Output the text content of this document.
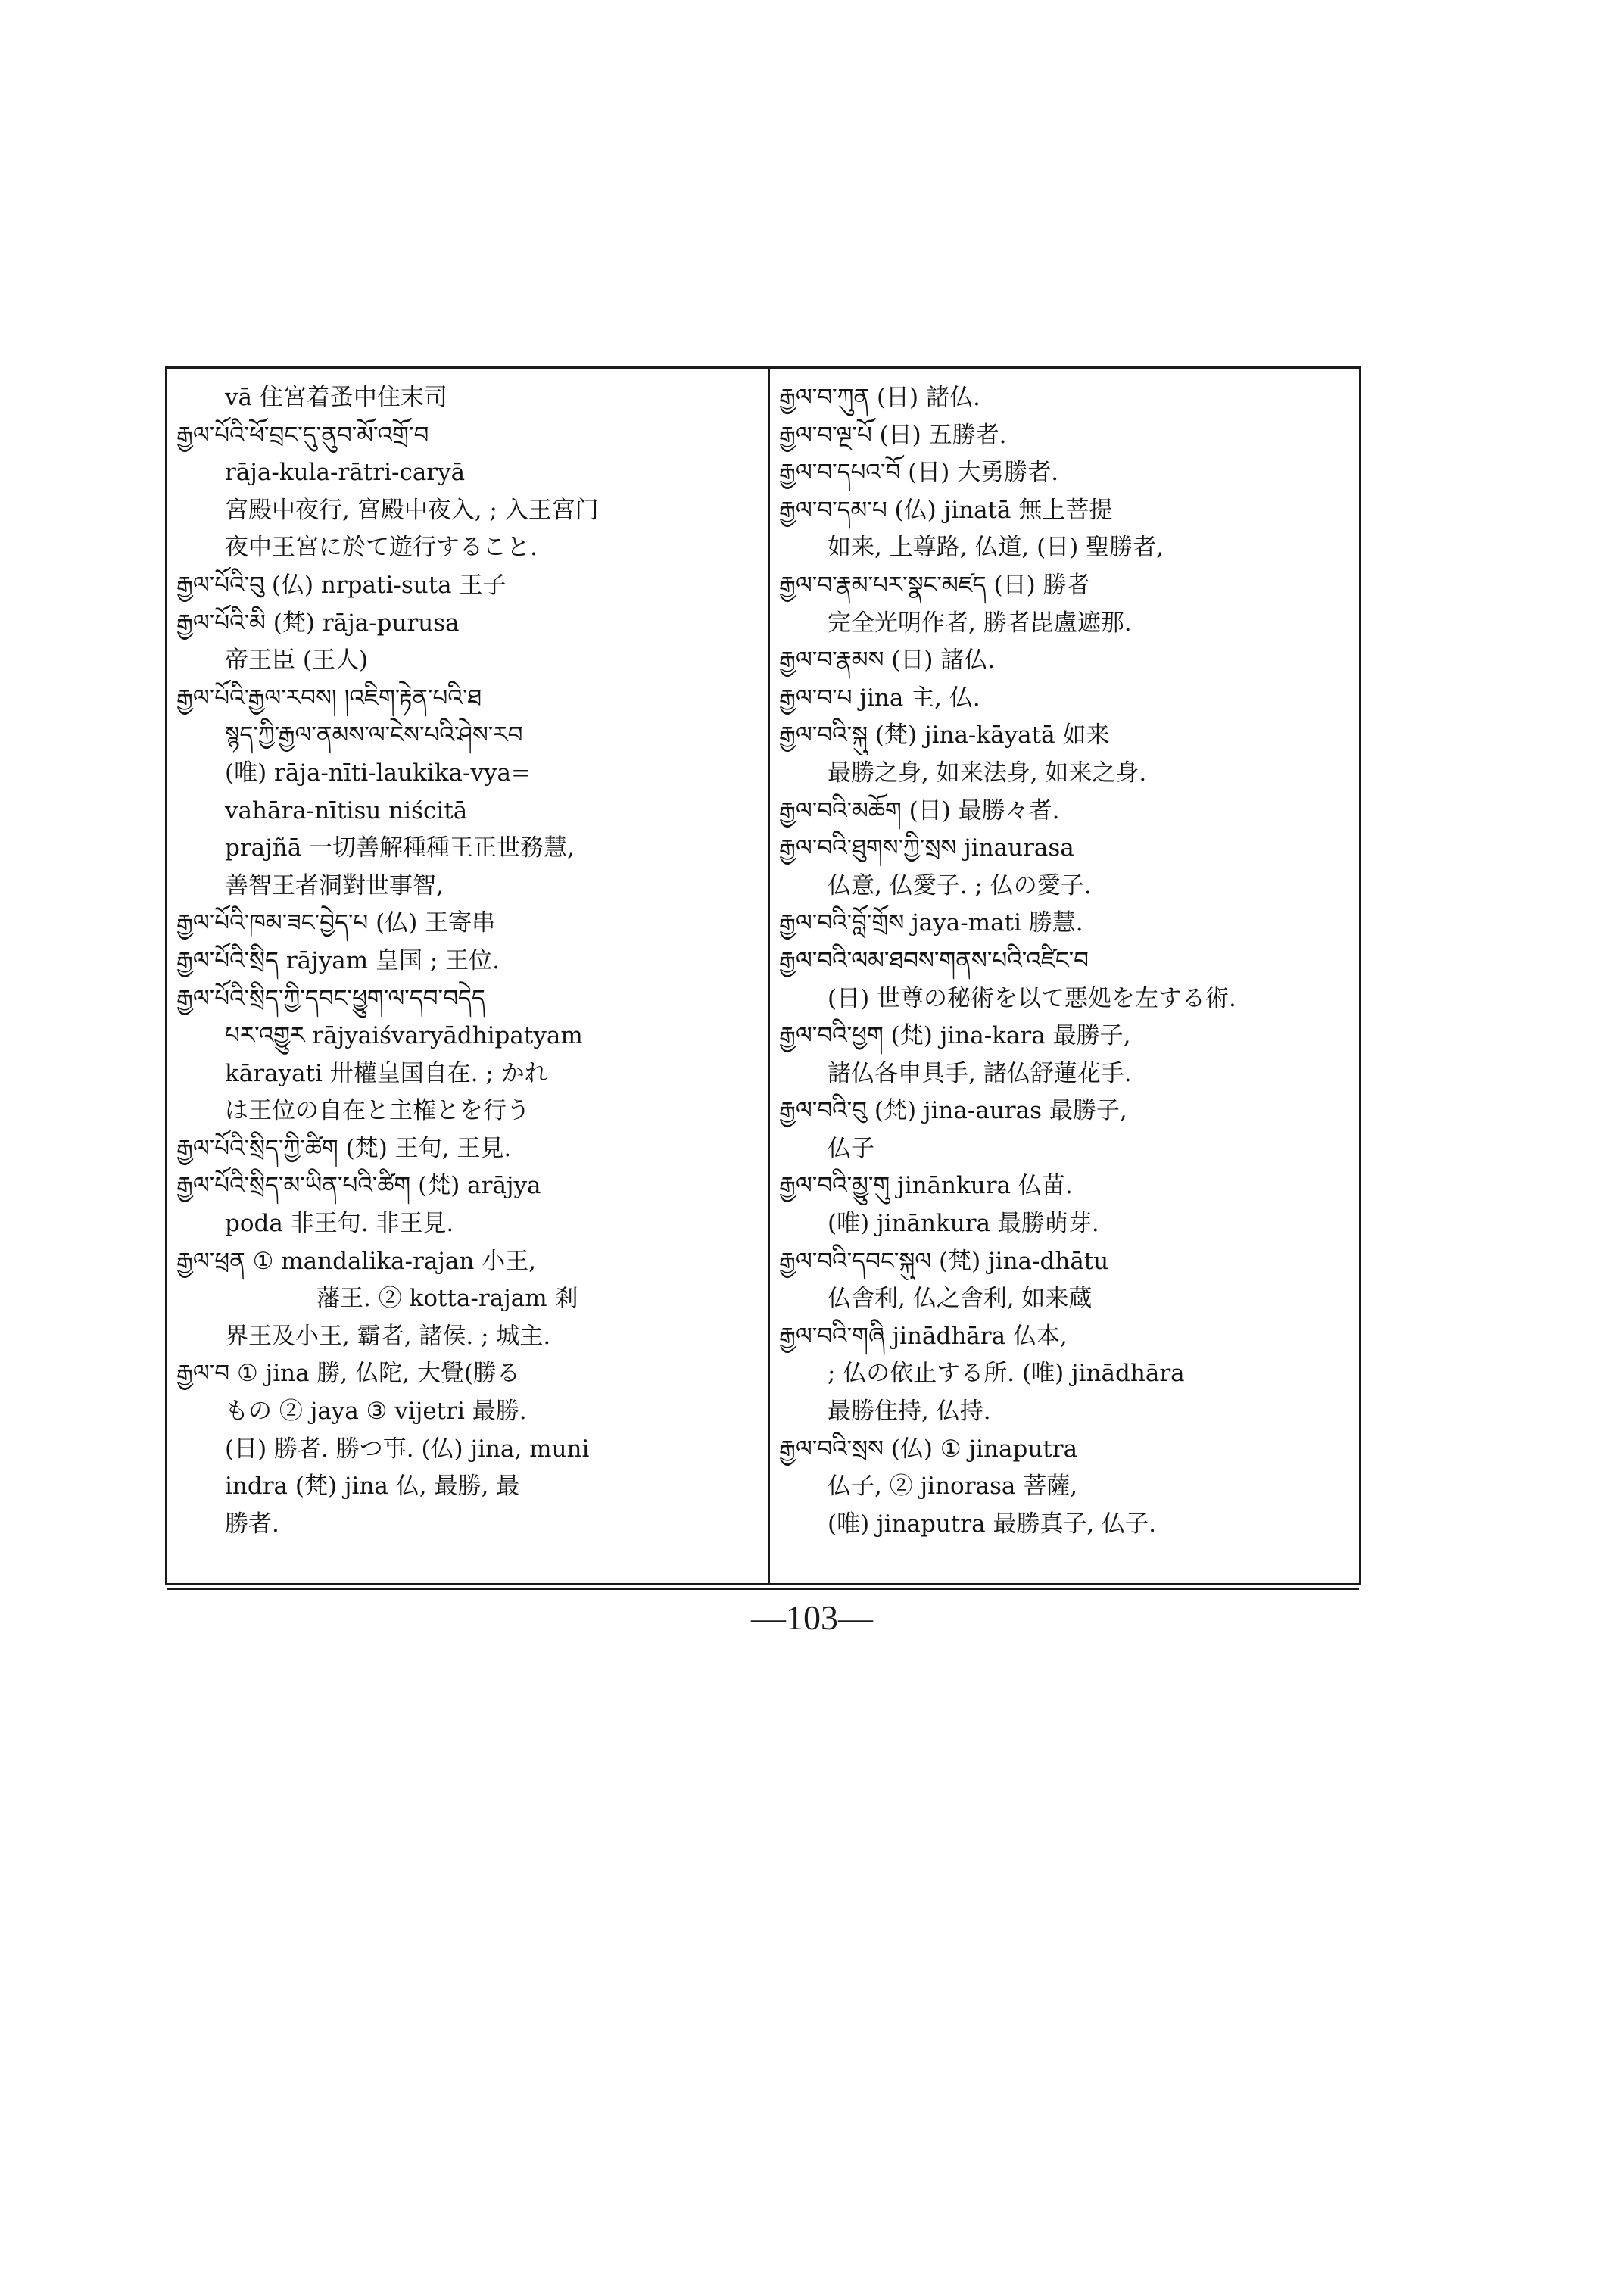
vā 住宮着蚤中住末司
རྒྱལ་པོའི་ཕོ་བྲང་དུ་ནུབ་མོ་འགྲོ་བ
rāja-kula-rātri-caryā
宮殿中夜行, 宮殿中夜入, ; 入王宮门
夜中王宮に於て遊行すること.
རྒྱལ་པོའི་བུ (仏) nrpati-suta 王子
རྒྱལ་པོའི་མི (梵) rāja-purusa
帝王臣 (王人)
རྒྱལ་པོའི་རྒྱལ་རབས། །འཇིག་རྟེན་པའི་ཐ
སྙད་ཀྱི་རྒྱལ་ནམས་ལ་ངེས་པའི་ཤེས་རབ
(唯) rāja-nīti-laukika-vya=
vahāra-nītisu niścitā
prajñā 一切善解種種王正世務慧,
善智王者洞對世事智,
རྒྱལ་པོའི་ཁམ་ཟང་བྱེད་པ (仏) 王寄串
རྒྱལ་པོའི་སྲིད rājyam 皇国 ; 王位.
རྒྱལ་པོའི་སྲིད་ཀྱི་དབང་ཕྱུག་ལ་དབ་བདེད
པར་འགྱུར rājyaiśvaryādhipatyam
kārayati 卅權皇国自在. ; かれ
は王位の自在と主権とを行う
རྒྱལ་པོའི་སྲིད་ཀྱི་ཚིག (梵) 王句, 王見.
རྒྱལ་པོའི་སྲིད་མ་ཡིན་པའི་ཚིག (梵) arājya
poda 非王句. 非王見.
རྒྱལ་ཕྲན ① mandalika-rajan 小王,
藩王. ② kotta-rajam 剎
界王及小王, 霸者, 諸侯. ; 城主.
རྒྱལ་བ ① jina 勝, 仏陀, 大覺(勝る
もの ② jaya ③ vijetri 最勝.
(日) 勝者. 勝つ事. (仏) jina, muni
indra (梵) jina 仏, 最勝, 最
勝者.
རྒྱལ་བ་ཀུན (日) 諸仏.
རྒྱལ་བ་ལྔ་པོ (日) 五勝者.
རྒྱལ་བ་དཔའ་བོ (日) 大勇勝者.
རྒྱལ་བ་དམ་པ (仏) jinatā 無上菩提
如来, 上尊路, 仏道, (日) 聖勝者,
རྒྱལ་བ་རྣམ་པར་སྣང་མཛད (日) 勝者
完全光明作者, 勝者毘盧遮那.
རྒྱལ་བ་རྣམས (日) 諸仏.
རྒྱལ་བ་པ jina 主, 仏.
རྒྱལ་བའི་སྐུ (梵) jina-kāyatā 如来
最勝之身, 如来法身, 如来之身.
རྒྱལ་བའི་མཆོག (日) 最勝々者.
རྒྱལ་བའི་ཐུགས་ཀྱི་སྲས jinaurasa
仏意, 仏愛子. ; 仏の愛子.
རྒྱལ་བའི་བློ་གྲོས jaya-mati 勝慧.
རྒྱལ་བའི་ལམ་ཐབས་གནས་པའི་འཛིང་བ
(日) 世尊の秘術を以て悪処を左する術.
རྒྱལ་བའི་ཕྱག (梵) jina-kara 最勝子,
諸仏各申具手, 諸仏舒蓮花手.
རྒྱལ་བའི་བུ (梵) jina-auras 最勝子,
仏子
རྒྱལ་བའི་མྱུ་གུ jinānkura 仏苗.
(唯) jinānkura 最勝萌芽.
རྒྱལ་བའི་དབང་སྐུལ (梵) jina-dhātu
仏舎利, 仏之舎利, 如来蔵
རྒྱལ་བའི་གཞི jinādhāra 仏本,
; 仏の依止する所. (唯) jinādhāra
最勝住持, 仏持.
རྒྱལ་བའི་སྲས (仏) ① jinaputra
仏子, ② jinorasa 菩薩,
(唯) jinaputra 最勝真子, 仏子.
—103—
